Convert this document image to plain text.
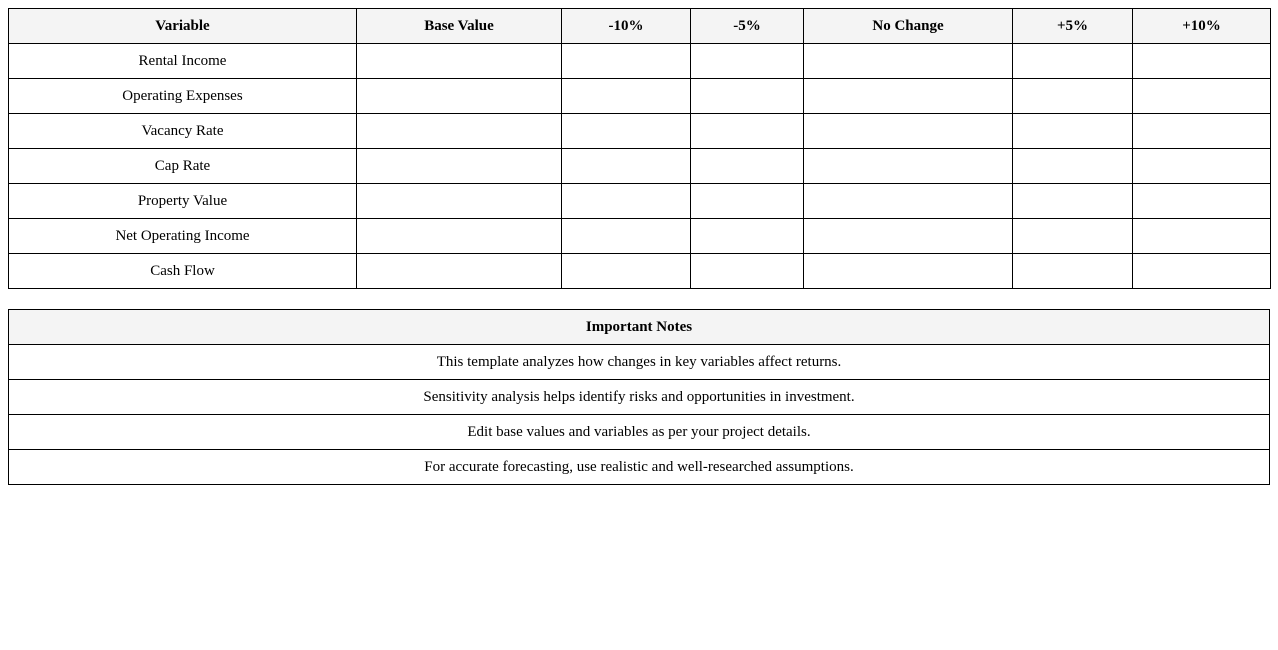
Variable	Base Value	-10%	-5%	No Change	+5%	+10%
Rental Income						
Operating Expenses						
Vacancy Rate						
Cap Rate						
Property Value						
Net Operating Income						
Cash Flow						
Important Notes
This template analyzes how changes in key variables affect returns.
Sensitivity analysis helps identify risks and opportunities in investment.
Edit base values and variables as per your project details.
For accurate forecasting, use realistic and well-researched assumptions.
